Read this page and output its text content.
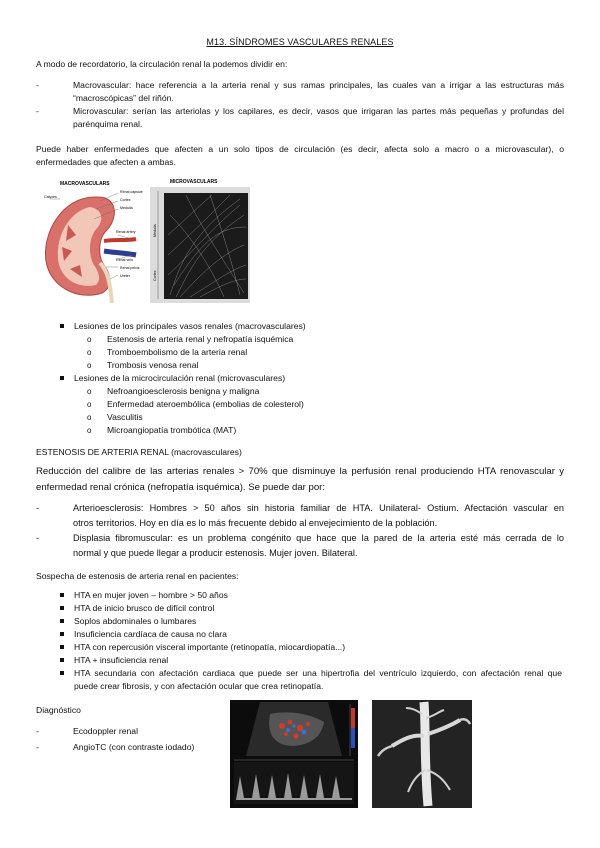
M13. SÍNDROMES VASCULARES RENALES
A modo de recordatorio, la circulación renal la podemos dividir en:
-	Macrovascular: hace referencia a la arteria renal y sus ramas principales, las cuales van a irrigar a las estructuras más
“macroscópicas” del riñón.
-	Microvascular: serían las arteriolas y los capilares, es decir, vasos que irrigaran las partes más pequeñas y profundas del
parénquima renal.
Puede haber enfermedades que afecten a un solo tipos de circulación (es decir, afecta solo a macro o a microvascular), o
enfermedades que afecten a ambas.
MACROVASCULARS	MICROVASCULARS
Calyces
Renal capsule
Cortex
Medulla
Renal artery
Renal vein
Renal pelvis
Ureter
Medulla
Cortex
Lesiones de los principales vasos renales (macrovasculares)
o Estenosis de arteria renal y nefropatía isquémica
o Tromboembolismo de la arteria renal
o Trombosis venosa renal
Lesiones de la microcirculación renal (microvasculares)
o Nefroangioesclerosis benigna y maligna
o Enfermedad ateroembólica (embolias de colesterol)
o Vasculitis
o Microangiopatía trombótica (MAT)
ESTENOSIS DE ARTERIA RENAL (macrovasculares)
Reducción del calibre de las arterias renales > 70% que disminuye la perfusión renal produciendo HTA renovascular y
enfermedad renal crónica (nefropatía isquémica). Se puede dar por:
-	Arterioesclerosis: Hombres > 50 años sin historia familiar de HTA. Unilateral- Ostium. Afectación vascular en
otros territorios. Hoy en día es lo más frecuente debido al envejecimiento de la población.
-	Displasia fibromuscular: es un problema congénito que hace que la pared de la arteria esté más cerrada de lo
normal y que puede llegar a producir estenosis. Mujer joven. Bilateral.
Sospecha de estenosis de arteria renal en pacientes:
HTA en mujer joven – hombre > 50 años
HTA de inicio brusco de difícil control
Soplos abdominales o lumbares
Insuficiencia cardíaca de causa no clara
HTA con repercusión visceral importante (retinopatía, miocardiopatía...)
HTA + insuficiencia renal
HTA secundaria con afectación cardiaca que puede ser una hipertrofia del ventrículo izquierdo, con afectación renal que
puede crear fibrosis, y con afectación ocular que crea retinopatía.
Diagnóstico
-	Ecodoppler renal
-	AngioTC (con contraste iodado)
